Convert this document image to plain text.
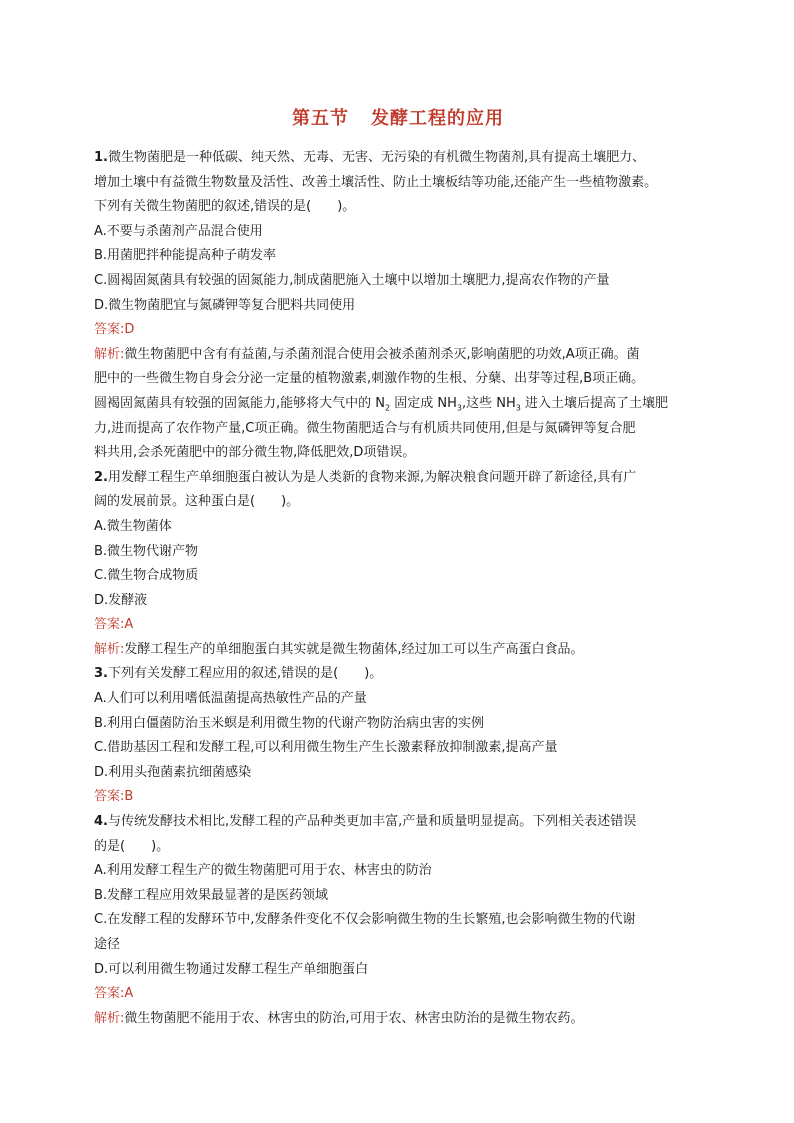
第五节 发酵工程的应用
1.微生物菌肥是一种低碳、纯天然、无毒、无害、无污染的有机微生物菌剂,具有提高土壤肥力、
增加土壤中有益微生物数量及活性、改善土壤活性、防止土壤板结等功能,还能产生一些植物激素。
下列有关微生物菌肥的叙述,错误的是(　　)。
A.不要与杀菌剂产品混合使用
B.用菌肥拌种能提高种子萌发率
C.圆褐固氮菌具有较强的固氮能力,制成菌肥施入土壤中以增加土壤肥力,提高农作物的产量
D.微生物菌肥宜与氮磷钾等复合肥料共同使用
答案:D
解析:微生物菌肥中含有有益菌,与杀菌剂混合使用会被杀菌剂杀灭,影响菌肥的功效,A项正确。菌
肥中的一些微生物自身会分泌一定量的植物激素,刺激作物的生根、分蘖、出芽等过程,B项正确。
圆褐固氮菌具有较强的固氮能力,能够将大气中的 $N_2$ 固定成 $NH_3$,这些 $NH_3$ 进入土壤后提高了土壤肥
力,进而提高了农作物产量,C项正确。微生物菌肥适合与有机质共同使用,但是与氮磷钾等复合肥
料共用,会杀死菌肥中的部分微生物,降低肥效,D项错误。
2.用发酵工程生产单细胞蛋白被认为是人类新的食物来源,为解决粮食问题开辟了新途径,具有广
阔的发展前景。这种蛋白是(　　)。
A.微生物菌体
B.微生物代谢产物
C.微生物合成物质
D.发酵液
答案:A
解析:发酵工程生产的单细胞蛋白其实就是微生物菌体,经过加工可以生产高蛋白食品。
3.下列有关发酵工程应用的叙述,错误的是(　　)。
A.人们可以利用嗜低温菌提高热敏性产品的产量
B.利用白僵菌防治玉米螟是利用微生物的代谢产物防治病虫害的实例
C.借助基因工程和发酵工程,可以利用微生物生产生长激素释放抑制激素,提高产量
D.利用头孢菌素抗细菌感染
答案:B
4.与传统发酵技术相比,发酵工程的产品种类更加丰富,产量和质量明显提高。下列相关表述错误
的是(　　)。
A.利用发酵工程生产的微生物菌肥可用于农、林害虫的防治
B.发酵工程应用效果最显著的是医药领域
C.在发酵工程的发酵环节中,发酵条件变化不仅会影响微生物的生长繁殖,也会影响微生物的代谢
途径
D.可以利用微生物通过发酵工程生产单细胞蛋白
答案:A
解析:微生物菌肥不能用于农、林害虫的防治,可用于农、林害虫防治的是微生物农药。
